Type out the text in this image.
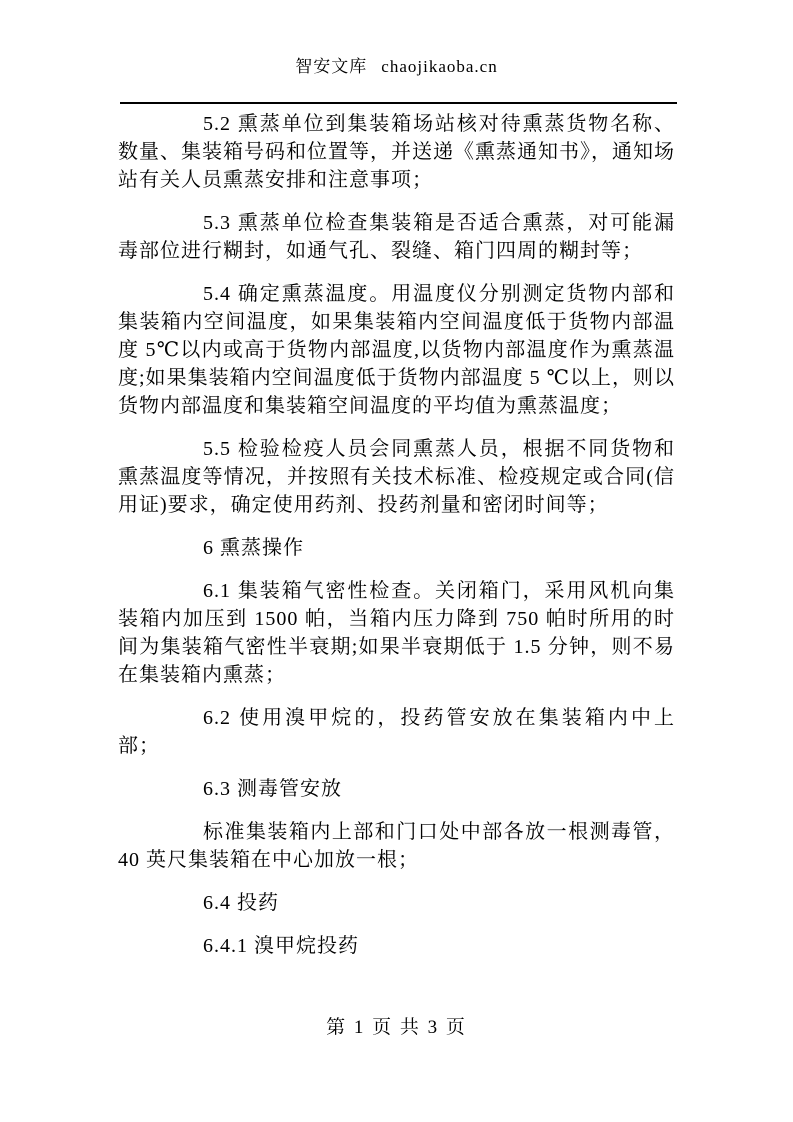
智安文库 chaojikaoba.cn

5.2 熏蒸单位到集装箱场站核对待熏蒸货物名称、数量、集装箱号码和位置等，并送递《熏蒸通知书》，通知场站有关人员熏蒸安排和注意事项；

5.3 熏蒸单位检查集装箱是否适合熏蒸，对可能漏毒部位进行糊封，如通气孔、裂缝、箱门四周的糊封等；

5.4 确定熏蒸温度。用温度仪分别测定货物内部和集装箱内空间温度，如果集装箱内空间温度低于货物内部温度 5℃以内或高于货物内部温度,以货物内部温度作为熏蒸温度;如果集装箱内空间温度低于货物内部温度 5 ℃以上，则以货物内部温度和集装箱空间温度的平均值为熏蒸温度；

5.5 检验检疫人员会同熏蒸人员，根据不同货物和熏蒸温度等情况，并按照有关技术标准、检疫规定或合同(信用证)要求，确定使用药剂、投药剂量和密闭时间等；

6 熏蒸操作

6.1 集装箱气密性检查。关闭箱门，采用风机向集装箱内加压到 1500 帕，当箱内压力降到 750 帕时所用的时间为集装箱气密性半衰期;如果半衰期低于 1.5 分钟，则不易在集装箱内熏蒸；

6.2 使用溴甲烷的，投药管安放在集装箱内中上部；

6.3 测毒管安放

标准集装箱内上部和门口处中部各放一根测毒管，40 英尺集装箱在中心加放一根；

6.4 投药

6.4.1 溴甲烷投药

第 1 页 共 3 页
